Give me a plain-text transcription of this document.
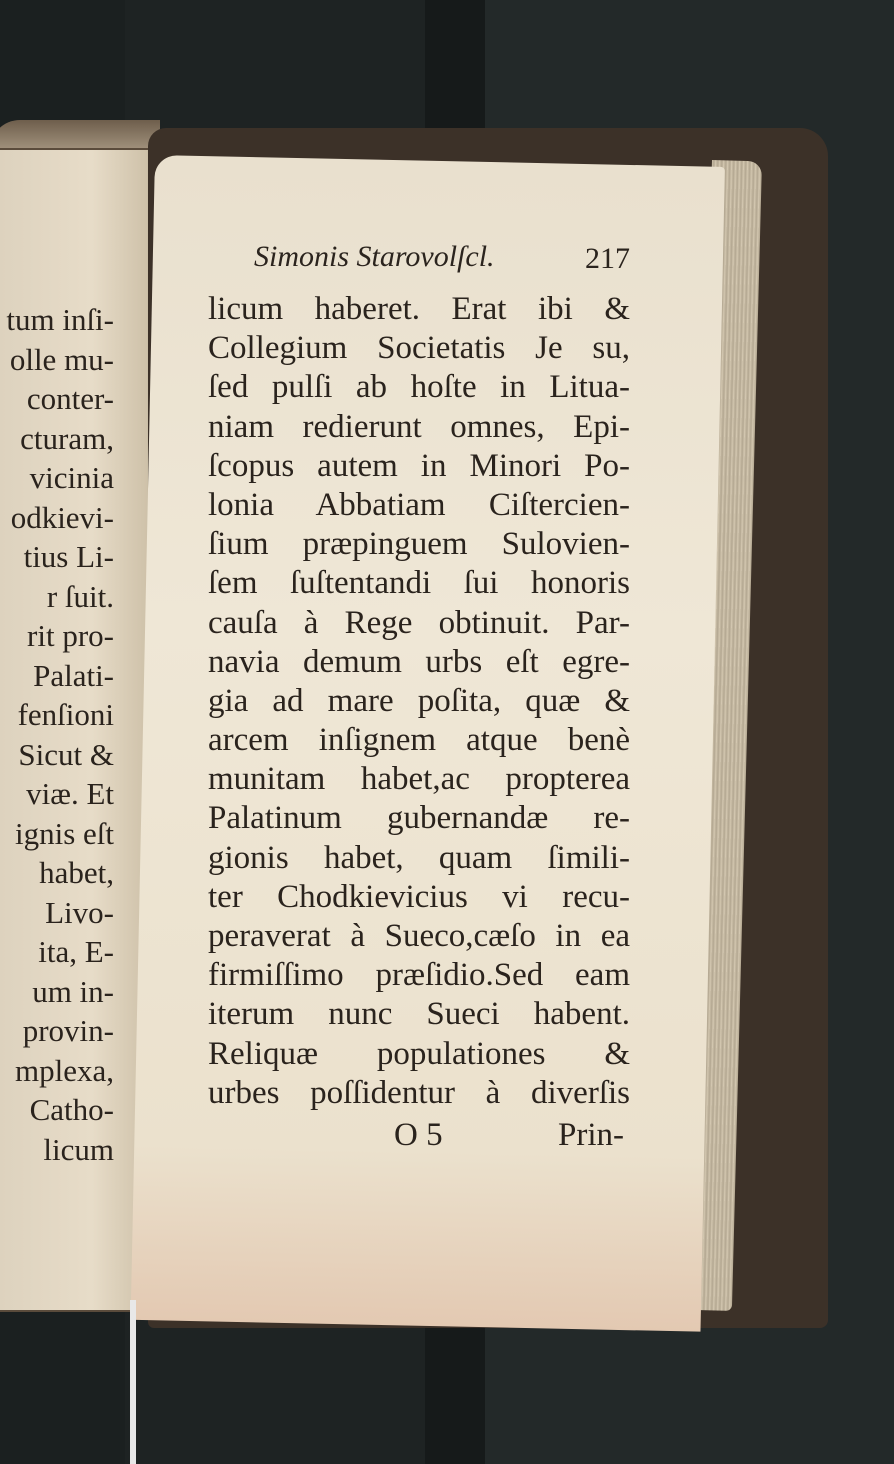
tum inſi-
olle mu-
conter-
cturam,
vicinia
odkievi-
tius Li-
r ſuit.
rit pro-
Palati-
fenſioni
Sicut &
viæ. Et
ignis eſt
habet,
Livo-
ita, E-
um in-
provin-
mplexa,
Catho-
licum
Simonis Starovolſcl.	217
licum haberet. Erat ibi &
Collegium Societatis Je su,
ſed pulſi ab hoſte in Litua-
niam redierunt omnes, Epi-
ſcopus autem in Minori Po-
lonia Abbatiam Ciſtercien-
ſium præpinguem Sulovien-
ſem ſuſtentandi ſui honoris
cauſa à Rege obtinuit. Par-
navia demum urbs eſt egre-
gia ad mare poſita, quæ &
arcem inſignem atque benè
munitam habet,ac propterea
Palatinum gubernandæ re-
gionis habet, quam ſimili-
ter Chodkievicius vi recu-
peraverat à Sueco,cæſo in ea
firmiſſimo præſidio.Sed eam
iterum nunc Sueci habent.
Reliquæ populationes &
urbes poſſidentur à diverſis
O 5	Prin-
